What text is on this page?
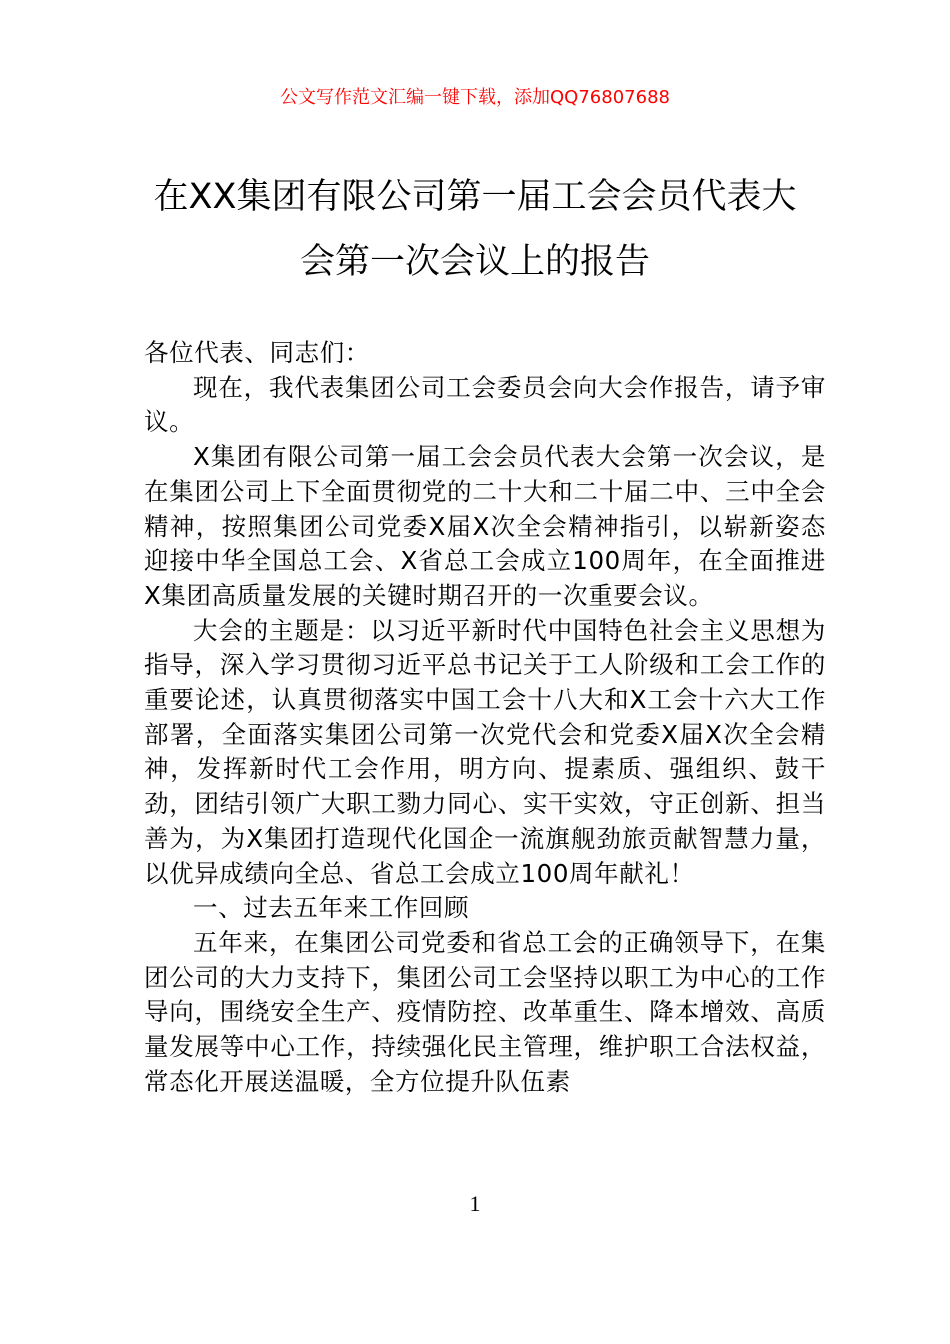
公文写作范文汇编一键下载，添加QQ76807688
在XX集团有限公司第一届工会会员代表大
会第一次会议上的报告

各位代表、同志们：

现在，我代表集团公司工会委员会向大会作报告，请予审议。

X集团有限公司第一届工会会员代表大会第一次会议，是在集团公司上下全面贯彻党的二十大和二十届二中、三中全会精神，按照集团公司党委X届X次全会精神指引，以崭新姿态迎接中华全国总工会、X省总工会成立100周年，在全面推进X集团高质量发展的关键时期召开的一次重要会议。

大会的主题是：以习近平新时代中国特色社会主义思想为指导，深入学习贯彻习近平总书记关于工人阶级和工会工作的重要论述，认真贯彻落实中国工会十八大和X工会十六大工作部署，全面落实集团公司第一次党代会和党委X届X次全会精神，发挥新时代工会作用，明方向、提素质、强组织、鼓干劲，团结引领广大职工勠力同心、实干实效，守正创新、担当善为，为X集团打造现代化国企一流旗舰劲旅贡献智慧力量，以优异成绩向全总、省总工会成立100周年献礼！

一、过去五年来工作回顾

五年来，在集团公司党委和省总工会的正确领导下，在集团公司的大力支持下，集团公司工会坚持以职工为中心的工作导向，围绕安全生产、疫情防控、改革重生、降本增效、高质量发展等中心工作，持续强化民主管理，维护职工合法权益，常态化开展送温暖，全方位提升队伍素

1
